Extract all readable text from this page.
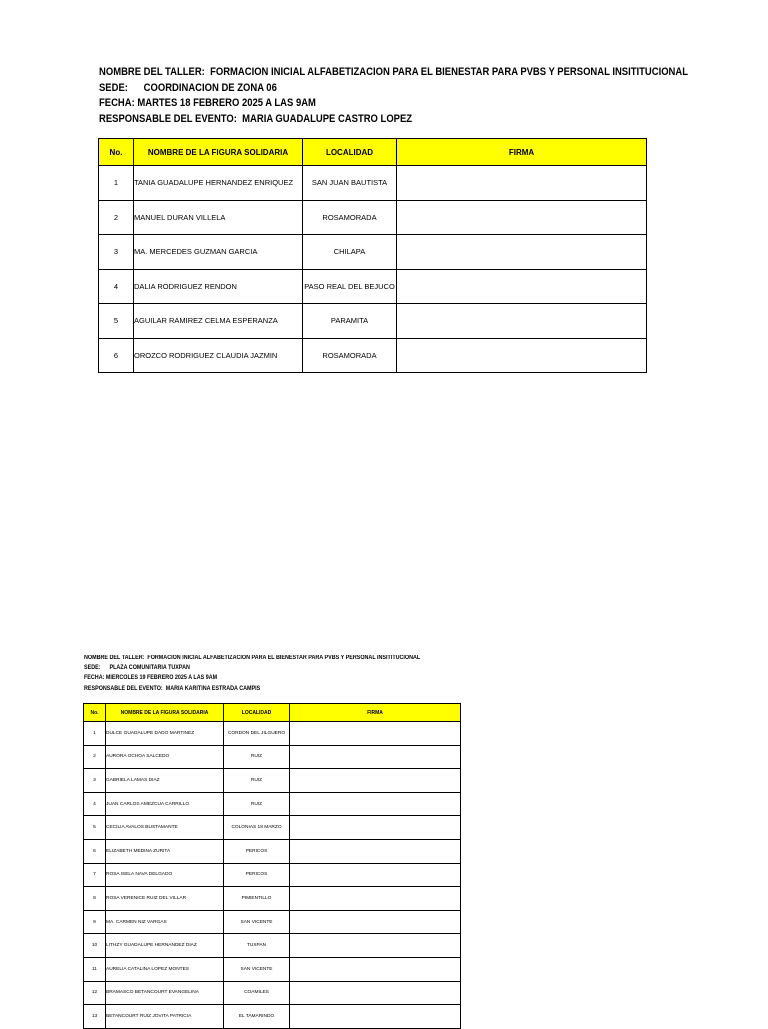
NOMBRE DEL TALLER:  FORMACION INICIAL ALFABETIZACION PARA EL BIENESTAR PARA PVBS Y PERSONAL INSITITUCIONAL
SEDE:      COORDINACION DE ZONA 06
FECHA: MARTES 18 FEBRERO 2025 A LAS 9AM
RESPONSABLE DEL EVENTO:  MARIA GUADALUPE CASTRO LOPEZ
No.	NOMBRE DE LA FIGURA SOLIDARIA	LOCALIDAD	FIRMA
1	TANIA GUADALUPE HERNANDEZ ENRIQUEZ	SAN JUAN BAUTISTA	
2	MANUEL DURAN VILLELA	ROSAMORADA	
3	MA. MERCEDES GUZMAN GARCIA	CHILAPA	
4	DALIA RODRIGUEZ RENDON	PASO REAL DEL BEJUCO	
5	AGUILAR RAMIREZ CELMA ESPERANZA	PARAMITA	
6	OROZCO RODRIGUEZ CLAUDIA JAZMIN	ROSAMORADA	
NOMBRE DEL TALLER:  FORMACION INICIAL ALFABETIZACION PARA EL BIENESTAR PARA PVBS Y PERSONAL INSITITUCIONAL
SEDE:      PLAZA COMUNITARIA TUXPAN
FECHA: MIERCOLES 19 FEBRERO 2025 A LAS 9AM
RESPONSABLE DEL EVENTO:  MARIA KARITINA ESTRADA CAMPIS
No.	NOMBRE DE LA FIGURA SOLIDARIA	LOCALIDAD	FIRMA
1	DULCE GUADALUPE DADO MARTINEZ	CORDON DEL JILGUERO	
2	AURORA OCHOA SALCEDO	RUIZ	
3	GABRIELA LAMAS DIAZ	RUIZ	
4	JUAN CARLOS AMEZCUA CARRILLO	RUIZ	
5	CECILIA AVALOS BUSTAMANTE	COLONIAS 18 MARZO	
6	ELIZABETH MEDINA ZURITA	PERICOS	
7	ROSA ISELA NAVA DELGADO	PERICOS	
8	ROSA VERENICE RUIZ DEL VILLAR	PIMIENTILLO	
9	MA. CARMEN NIZ VARGAS	SAN VICENTE	
10	LITHZY GUADALUPE HERNANDEZ DIAZ	TUXPAN	
11	AURELIA CATALINA LOPEZ MONTES	SAN VICENTE	
12	BRAMASCO BETANCOURT EVANGELINA	COAMILES	
13	BETANCOURT RUIZ JOVITA PATRICIA	EL TAMARINDO	
